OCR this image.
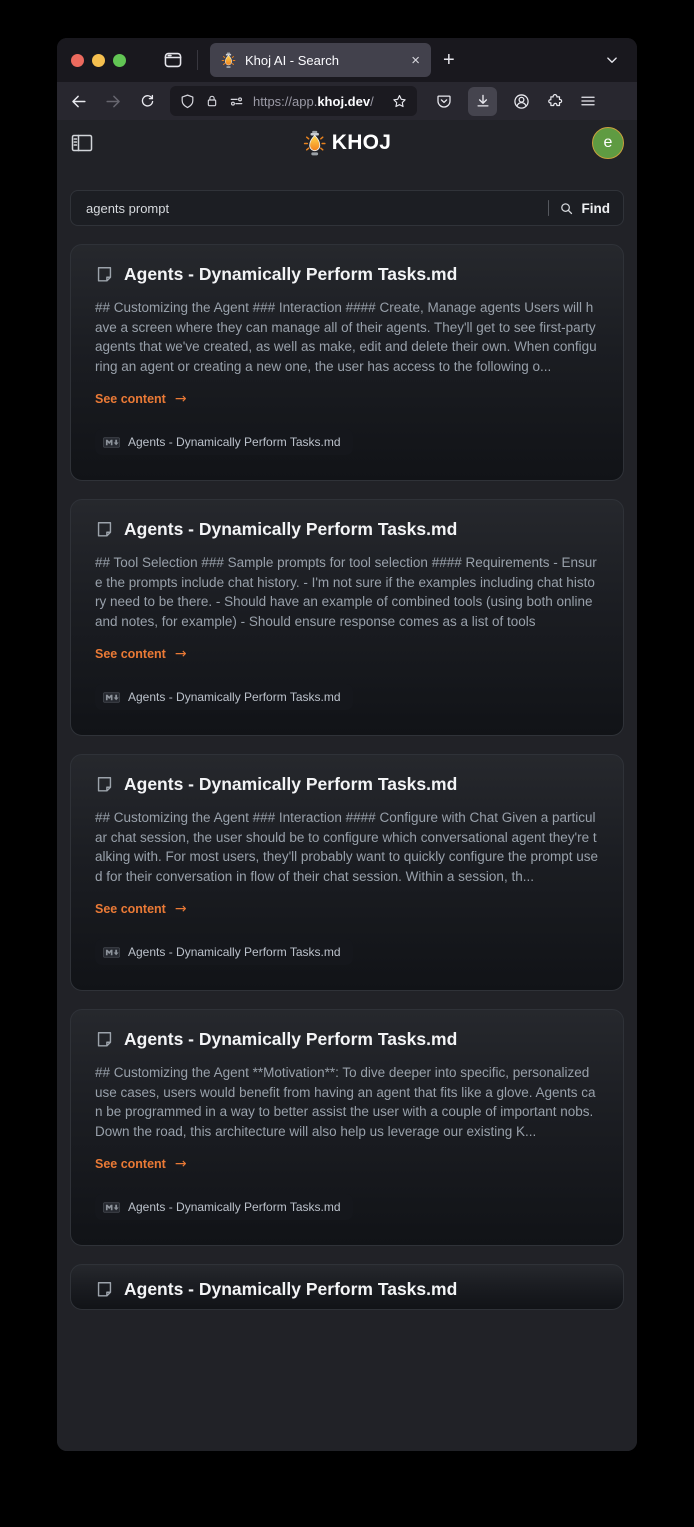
Khoj AI - Search	× +
https://app.khoj.dev/
KHOJ	e
agents prompt
Find
Agents - Dynamically Perform Tasks.md
## Customizing the Agent ### Interaction #### Create, Manage agents Users will have a screen where they can manage all of their agents. They'll get to see first-party agents that we've created, as well as make, edit and delete their own. When configuring an agent or creating a new one, the user has access to the following o...
See content →
Agents - Dynamically Perform Tasks.md
Agents - Dynamically Perform Tasks.md
## Tool Selection ### Sample prompts for tool selection #### Requirements - Ensure the prompts include chat history. - I'm not sure if the examples including chat history need to be there. - Should have an example of combined tools (using both online and notes, for example) - Should ensure response comes as a list of tools
See content →
Agents - Dynamically Perform Tasks.md
Agents - Dynamically Perform Tasks.md
## Customizing the Agent ### Interaction #### Configure with Chat Given a particular chat session, the user should be to configure which conversational agent they're talking with. For most users, they'll probably want to quickly configure the prompt used for their conversation in flow of their chat session. Within a session, th...
See content →
Agents - Dynamically Perform Tasks.md
Agents - Dynamically Perform Tasks.md
## Customizing the Agent **Motivation**: To dive deeper into specific, personalized use cases, users would benefit from having an agent that fits like a glove. Agents can be programmed in a way to better assist the user with a couple of important nobs. Down the road, this architecture will also help us leverage our existing K...
See content →
Agents - Dynamically Perform Tasks.md
Agents - Dynamically Perform Tasks.md
